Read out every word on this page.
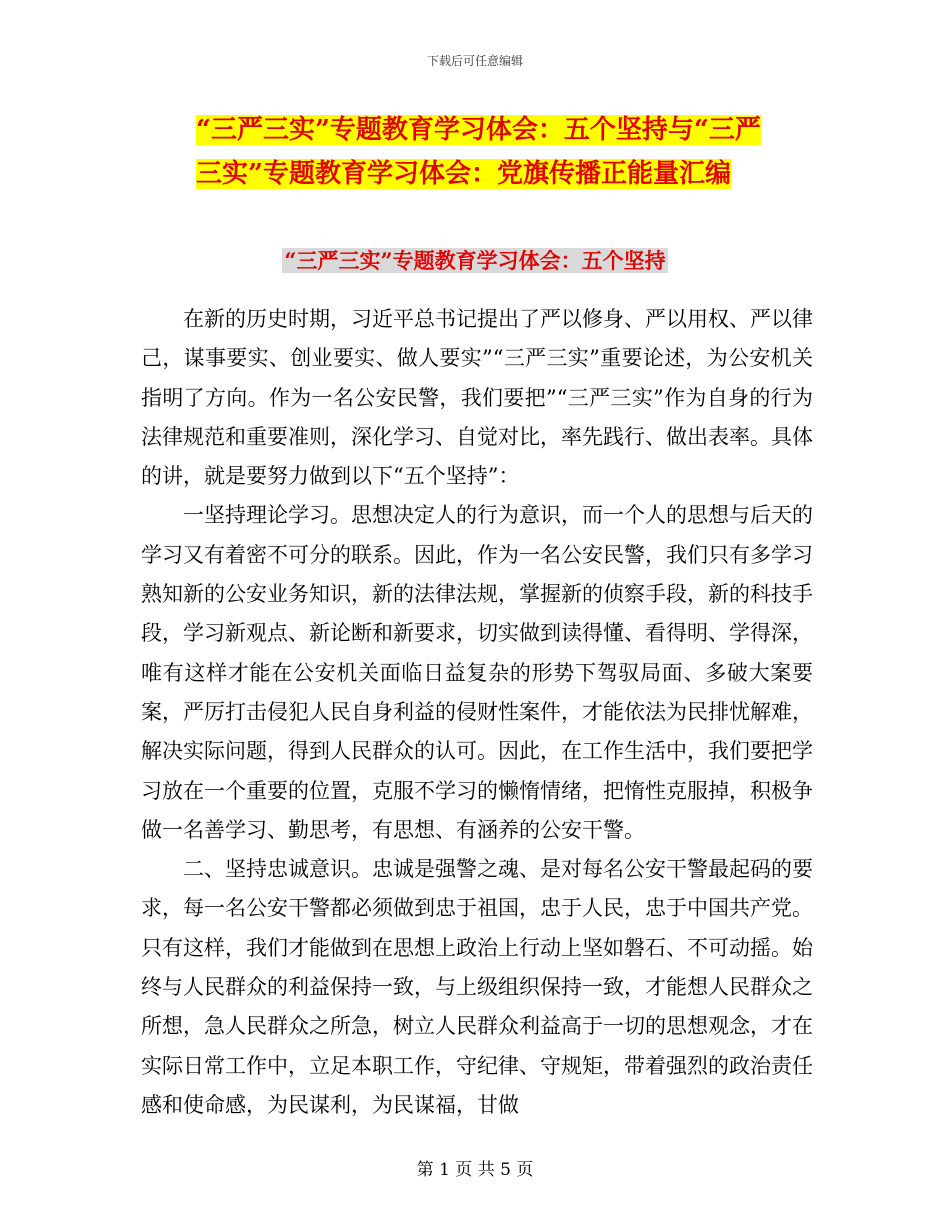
下载后可任意编辑
“三严三实”专题教育学习体会：五个坚持与“三严
三实”专题教育学习体会：党旗传播正能量汇编
“三严三实”专题教育学习体会：五个坚持

在新的历史时期，习近平总书记提出了严以修身、严以用权、严以律己，谋事要实、创业要实、做人要实”“三严三实”重要论述，为公安机关指明了方向。作为一名公安民警，我们要把”“三严三实”作为自身的行为法律规范和重要准则，深化学习、自觉对比，率先践行、做出表率。具体的讲，就是要努力做到以下“五个坚持”：

一坚持理论学习。思想决定人的行为意识，而一个人的思想与后天的学习又有着密不可分的联系。因此，作为一名公安民警，我们只有多学习熟知新的公安业务知识，新的法律法规，掌握新的侦察手段，新的科技手段，学习新观点、新论断和新要求，切实做到读得懂、看得明、学得深，唯有这样才能在公安机关面临日益复杂的形势下驾驭局面、多破大案要案，严厉打击侵犯人民自身利益的侵财性案件，才能依法为民排忧解难，解决实际问题，得到人民群众的认可。因此，在工作生活中，我们要把学习放在一个重要的位置，克服不学习的懒惰情绪，把惰性克服掉，积极争做一名善学习、勤思考，有思想、有涵养的公安干警。

二、坚持忠诚意识。忠诚是强警之魂、是对每名公安干警最起码的要求，每一名公安干警都必须做到忠于祖国，忠于人民，忠于中国共产党。只有这样，我们才能做到在思想上政治上行动上坚如磐石、不可动摇。始终与人民群众的利益保持一致，与上级组织保持一致，才能想人民群众之所想，急人民群众之所急，树立人民群众利益高于一切的思想观念，才在实际日常工作中，立足本职工作，守纪律、守规矩，带着强烈的政治责任感和使命感，为民谋利，为民谋福，甘做

第 1 页 共 5 页
